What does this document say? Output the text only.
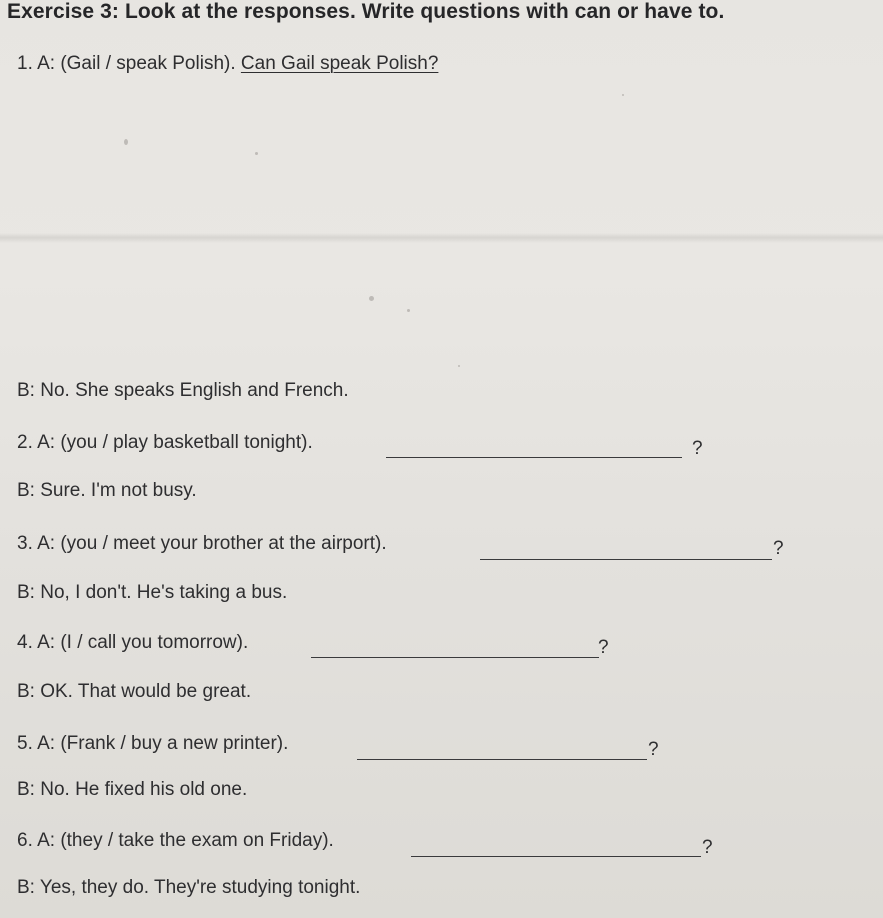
Exercise 3: Look at the responses. Write questions with can or have to.
1. A: (Gail / speak Polish). Can Gail speak Polish?
B: No. She speaks English and French.
2. A: (you / play basketball tonight).	?
B: Sure. I'm not busy.
3. A: (you / meet your brother at the airport).	?
B: No, I don't. He's taking a bus.
4. A: (I / call you tomorrow).	?
B: OK. That would be great.
5. A: (Frank / buy a new printer).	?
B: No. He fixed his old one.
6. A: (they / take the exam on Friday).	?
B: Yes, they do. They're studying tonight.
